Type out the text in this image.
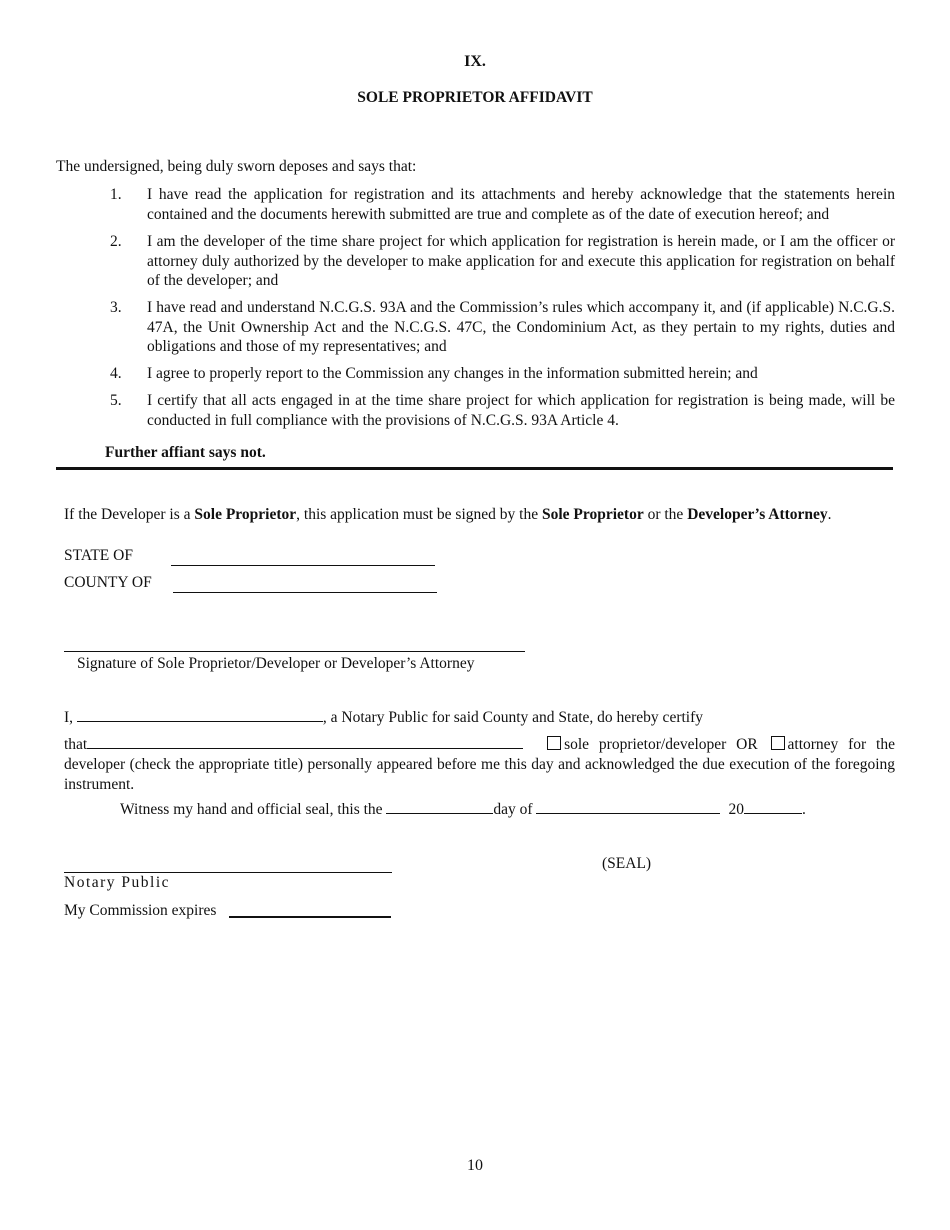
IX.
SOLE PROPRIETOR AFFIDAVIT
The undersigned, being duly sworn deposes and says that:
1.	I have read the application for registration and its attachments and hereby acknowledge that the statements herein contained and the documents herewith submitted are true and complete as of the date of execution hereof; and
2.	I am the developer of the time share project for which application for registration is herein made, or I am the officer or attorney duly authorized by the developer to make application for and execute this application for registration on behalf of the developer; and
3.	I have read and understand N.C.G.S. 93A and the Commission’s rules which accompany it, and (if applicable) N.C.G.S. 47A, the Unit Ownership Act and the N.C.G.S. 47C, the Condominium Act, as they pertain to my rights, duties and obligations and those of my representatives; and
4.	I agree to properly report to the Commission any changes in the information submitted herein; and
5.	I certify that all acts engaged in at the time share project for which application for registration is being made, will be conducted in full compliance with the provisions of N.C.G.S. 93A Article 4.
Further affiant says not.
If the Developer is a Sole Proprietor, this application must be signed by the Sole Proprietor or the Developer’s Attorney.
STATE OF
COUNTY OF
Signature of Sole Proprietor/Developer or Developer’s Attorney
I,	, a Notary Public for said County and State, do hereby certify
that	sole proprietor/developer OR attorney for the developer (check the appropriate title) personally appeared before me this day and acknowledged the due execution of the foregoing instrument.
Witness my hand and official seal, this the	day of	20	.
(SEAL)
Notary Public
My Commission expires
10
